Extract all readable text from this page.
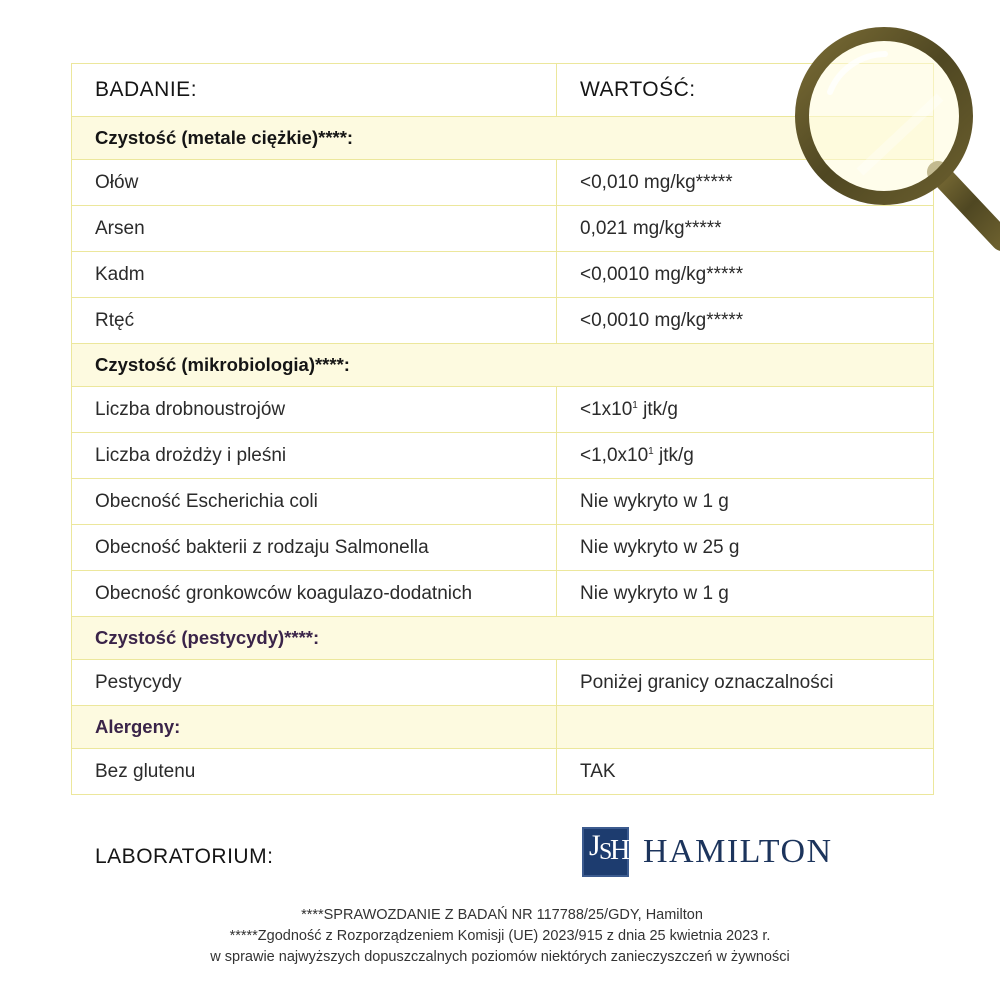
BADANIE:	WARTOŚĆ:
Czystość (metale ciężkie)****:	
Ołów	<0,010 mg/kg*****
Arsen	0,021 mg/kg*****
Kadm	<0,0010 mg/kg*****
Rtęć	<0,0010 mg/kg*****
Czystość (mikrobiologia)****:	
Liczba drobnoustrojów	$<1x10^1$ jtk/g
Liczba drożdży i pleśni	$<1,0x10^1$ jtk/g
Obecność Escherichia coli	Nie wykryto w 1 g
Obecność bakterii z rodzaju Salmonella	Nie wykryto w 25 g
Obecność gronkowców koagulazo-dodatnich	Nie wykryto w 1 g
Czystość (pestycydy)****:	
Pestycydy	Poniżej granicy oznaczalności
Alergeny:	
Bez glutenu	TAK
LABORATORIUM:	J
S
H HAMILTON
****SPRAWOZDANIE Z BADAŃ NR 117788/25/GDY, Hamilton
*****Zgodność z Rozporządzeniem Komisji (UE) 2023/915 z dnia 25 kwietnia 2023 r.
w sprawie najwyższych dopuszczalnych poziomów niektórych zanieczyszczeń w żywności
